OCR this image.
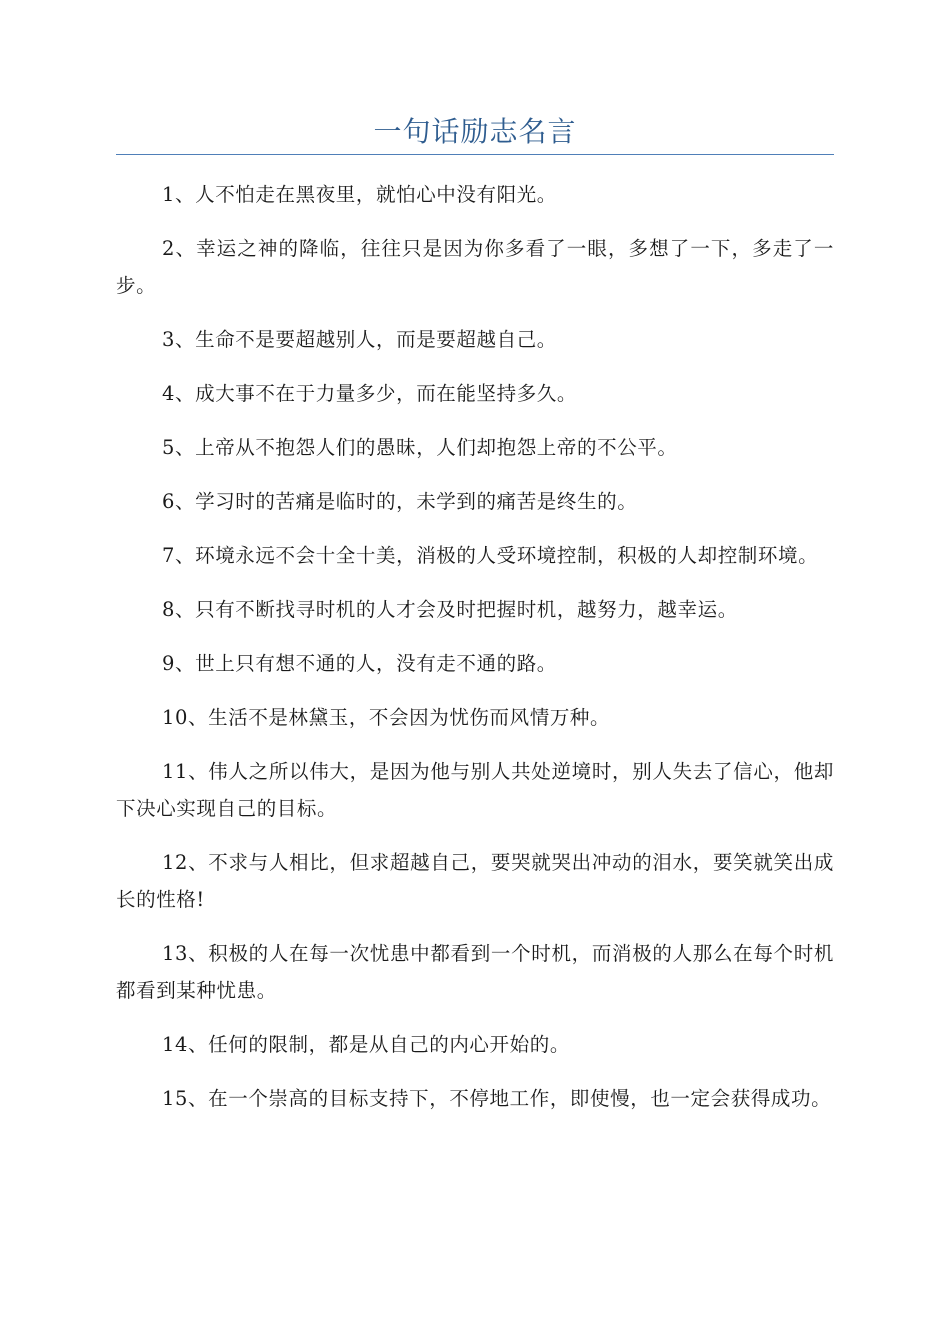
一句话励志名言

1、人不怕走在黑夜里，就怕心中没有阳光。

2、幸运之神的降临，往往只是因为你多看了一眼，多想了一下，多走了一步。

3、生命不是要超越别人，而是要超越自己。

4、成大事不在于力量多少，而在能坚持多久。

5、上帝从不抱怨人们的愚昧，人们却抱怨上帝的不公平。

6、学习时的苦痛是临时的，未学到的痛苦是终生的。

7、环境永远不会十全十美，消极的人受环境控制，积极的人却控制环境。

8、只有不断找寻时机的人才会及时把握时机，越努力，越幸运。

9、世上只有想不通的人，没有走不通的路。

10、生活不是林黛玉，不会因为忧伤而风情万种。

11、伟人之所以伟大，是因为他与别人共处逆境时，别人失去了信心，他却下决心实现自己的目标。

12、不求与人相比，但求超越自己，要哭就哭出冲动的泪水，要笑就笑出成长的性格!

13、积极的人在每一次忧患中都看到一个时机，而消极的人那么在每个时机都看到某种忧患。

14、任何的限制，都是从自己的内心开始的。

15、在一个崇高的目标支持下，不停地工作，即使慢，也一定会获得成功。
